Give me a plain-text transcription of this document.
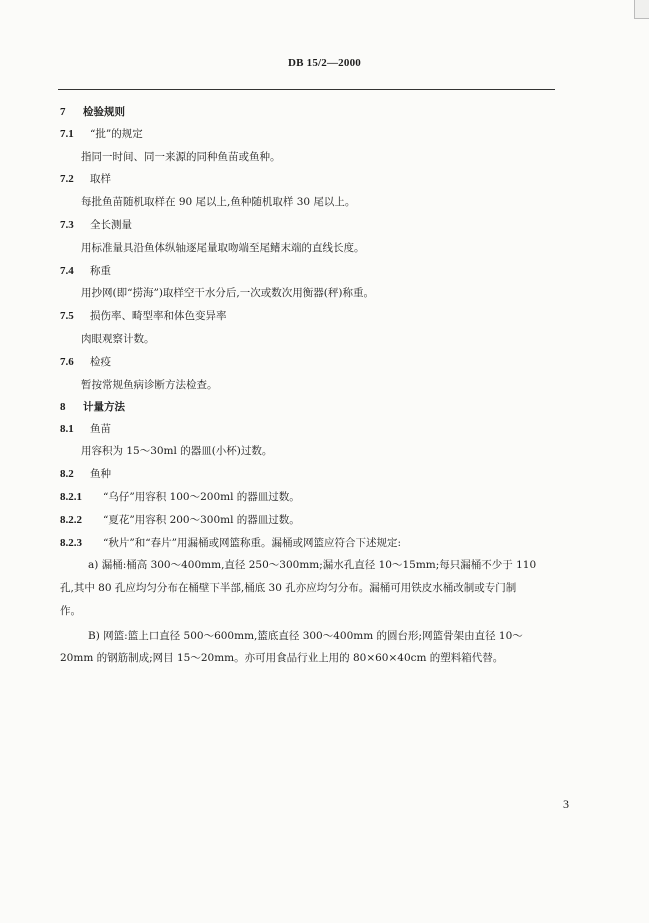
DB 15/2—2000
7 检验规则
7.1 “批”的规定
指同一时间、同一来源的同种鱼苗或鱼种。
7.2 取样
每批鱼苗随机取样在 90 尾以上,鱼种随机取样 30 尾以上。
7.3 全长测量
用标准量具沿鱼体纵轴逐尾量取吻端至尾鳍末端的直线长度。
7.4 称重
用抄网(即“捞海”)取样空干水分后,一次或数次用衡器(秤)称重。
7.5 损伤率、畸型率和体色变异率
肉眼观察计数。
7.6 检疫
暂按常规鱼病诊断方法检查。
8 计量方法
8.1 鱼苗
用容积为 15～30ml 的器皿(小杯)过数。
8.2 鱼种
8.2.1 “乌仔”用容积 100～200ml 的器皿过数。
8.2.2 “夏花”用容积 200～300ml 的器皿过数。
8.2.3 “秋片”和“春片”用漏桶或网篮称重。漏桶或网篮应符合下述规定:
a) 漏桶:桶高 300～400mm,直径 250～300mm;漏水孔直径 10～15mm;每只漏桶不少于 110
孔,其中 80 孔应均匀分布在桶壁下半部,桶底 30 孔亦应均匀分布。漏桶可用铁皮水桶改制或专门制
作。
B) 网篮:篮上口直径 500～600mm,篮底直径 300～400mm 的圆台形;网篮骨架由直径 10～
20mm 的钢筋制成;网目 15～20mm。亦可用食品行业上用的 80×60×40cm 的塑料箱代替。
3
